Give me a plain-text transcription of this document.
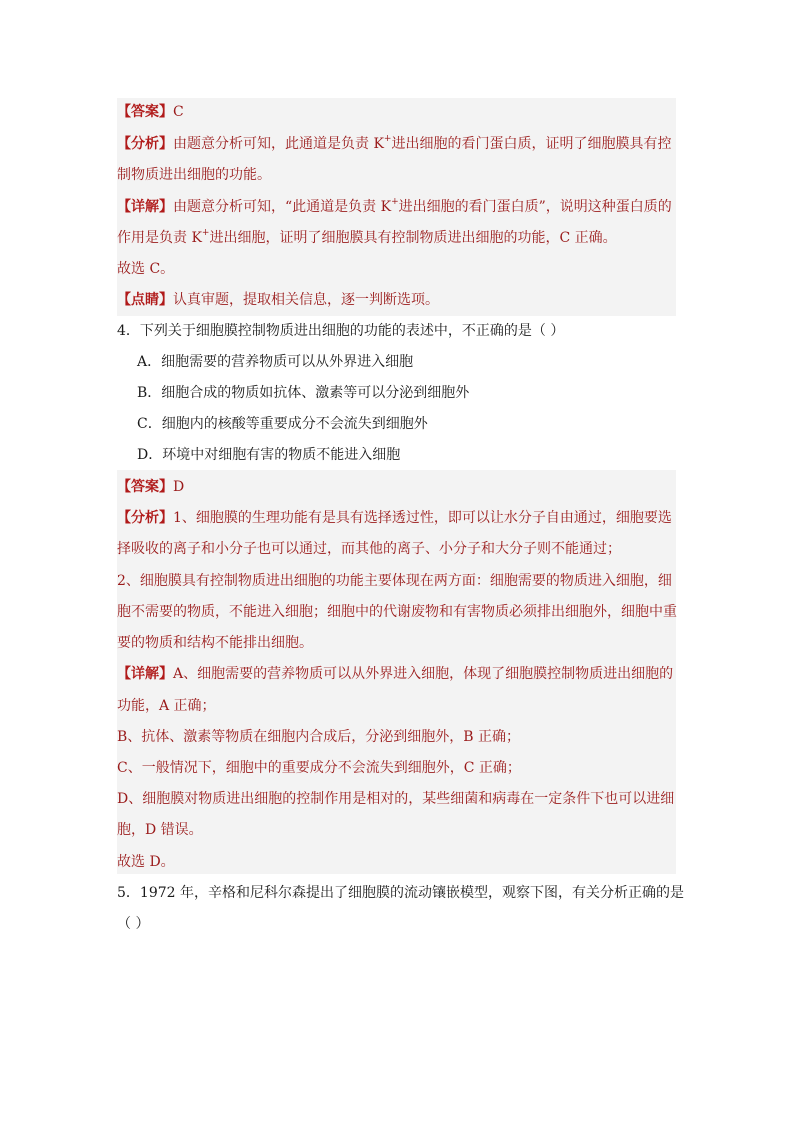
【答案】C
【分析】由题意分析可知，此通道是负责 K+进出细胞的看门蛋白质，证明了细胞膜具有控
制物质进出细胞的功能。
【详解】由题意分析可知，“此通道是负责 K+进出细胞的看门蛋白质”，说明这种蛋白质的
作用是负责 K+进出细胞，证明了细胞膜具有控制物质进出细胞的功能，C 正确。
故选 C。
【点睛】认真审题，提取相关信息，逐一判断选项。
4．下列关于细胞膜控制物质进出细胞的功能的表述中，不正确的是（ ）
A．细胞需要的营养物质可以从外界进入细胞
B．细胞合成的物质如抗体、激素等可以分泌到细胞外
C．细胞内的核酸等重要成分不会流失到细胞外
D．环境中对细胞有害的物质不能进入细胞
【答案】D
【分析】1、细胞膜的生理功能有是具有选择透过性，即可以让水分子自由通过，细胞要选
择吸收的离子和小分子也可以通过，而其他的离子、小分子和大分子则不能通过；
2、细胞膜具有控制物质进出细胞的功能主要体现在两方面：细胞需要的物质进入细胞，细
胞不需要的物质，不能进入细胞；细胞中的代谢废物和有害物质必须排出细胞外，细胞中重
要的物质和结构不能排出细胞。
【详解】A、细胞需要的营养物质可以从外界进入细胞，体现了细胞膜控制物质进出细胞的
功能，A 正确；
B、抗体、激素等物质在细胞内合成后，分泌到细胞外，B 正确；
C、一般情况下，细胞中的重要成分不会流失到细胞外，C 正确；
D、细胞膜对物质进出细胞的控制作用是相对的，某些细菌和病毒在一定条件下也可以进细
胞，D 错误。
故选 D。
5．1972 年，辛格和尼科尔森提出了细胞膜的流动镶嵌模型，观察下图，有关分析正确的是
（ ）
